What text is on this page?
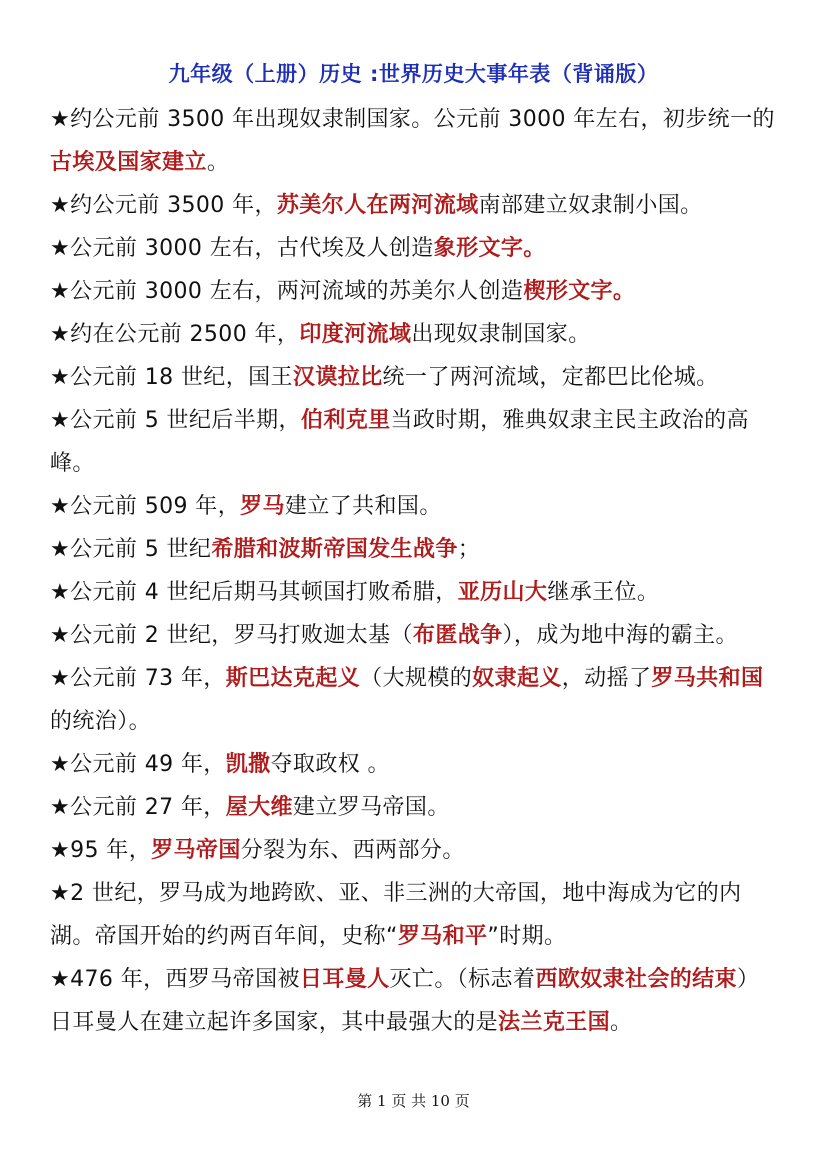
九年级（上册）历史 :世界历史大事年表（背诵版）
★约公元前 3500 年出现奴隶制国家。公元前 3000 年左右，初步统一的古埃及国家建立。
★约公元前 3500 年，苏美尔人在两河流域南部建立奴隶制小国。
★公元前 3000 左右，古代埃及人创造象形文字。
★公元前 3000 左右，两河流域的苏美尔人创造楔形文字。
★约在公元前 2500 年，印度河流域出现奴隶制国家。
★公元前 18 世纪，国王汉谟拉比统一了两河流域，定都巴比伦城。
★公元前 5 世纪后半期，伯利克里当政时期，雅典奴隶主民主政治的高峰。
★公元前 509 年，罗马建立了共和国。
★公元前 5 世纪希腊和波斯帝国发生战争；
★公元前 4 世纪后期马其顿国打败希腊，亚历山大继承王位。
★公元前 2 世纪，罗马打败迦太基（布匿战争），成为地中海的霸主。
★公元前 73 年，斯巴达克起义（大规模的奴隶起义，动摇了罗马共和国的统治）。
★公元前 49 年，凯撒夺取政权 。
★公元前 27 年，屋大维建立罗马帝国。
★95 年，罗马帝国分裂为东、西两部分。
★2 世纪，罗马成为地跨欧、亚、非三洲的大帝国，地中海成为它的内湖。帝国开始的约两百年间，史称“罗马和平”时期。
★476 年，西罗马帝国被日耳曼人灭亡。（标志着西欧奴隶社会的结束）日耳曼人在建立起许多国家，其中最强大的是法兰克王国。
第 1 页 共 10 页
